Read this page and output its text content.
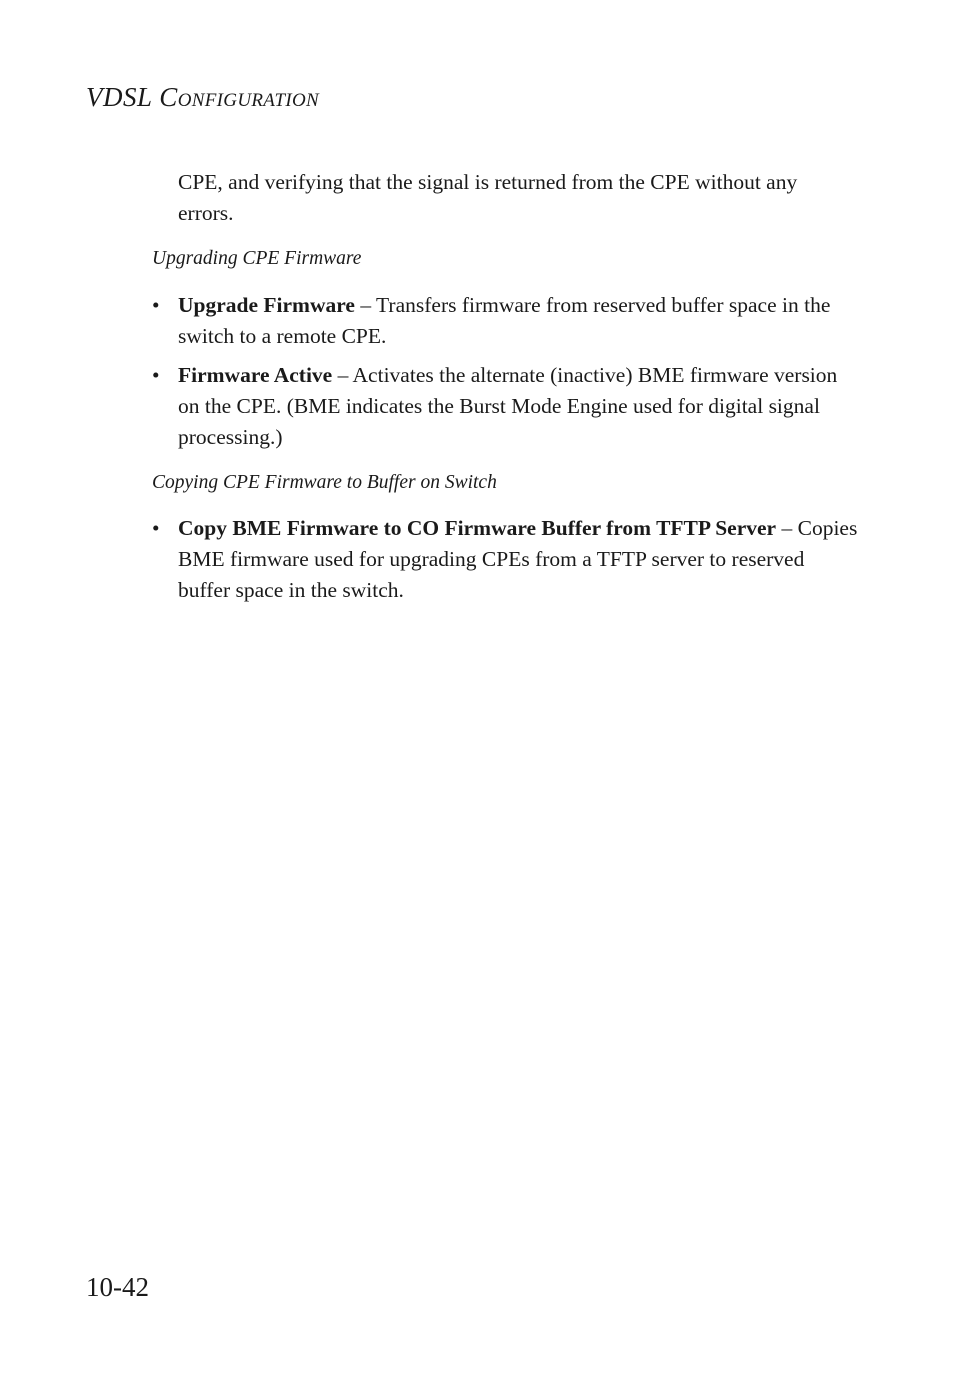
VDSL CONFIGURATION

CPE, and verifying that the signal is returned from the CPE without any errors.

Upgrading CPE Firmware

• Upgrade Firmware – Transfers firmware from reserved buffer space in the switch to a remote CPE.
• Firmware Active – Activates the alternate (inactive) BME firmware version on the CPE. (BME indicates the Burst Mode Engine used for digital signal processing.)

Copying CPE Firmware to Buffer on Switch

• Copy BME Firmware to CO Firmware Buffer from TFTP Server – Copies BME firmware used for upgrading CPEs from a TFTP server to reserved buffer space in the switch.
10-42
